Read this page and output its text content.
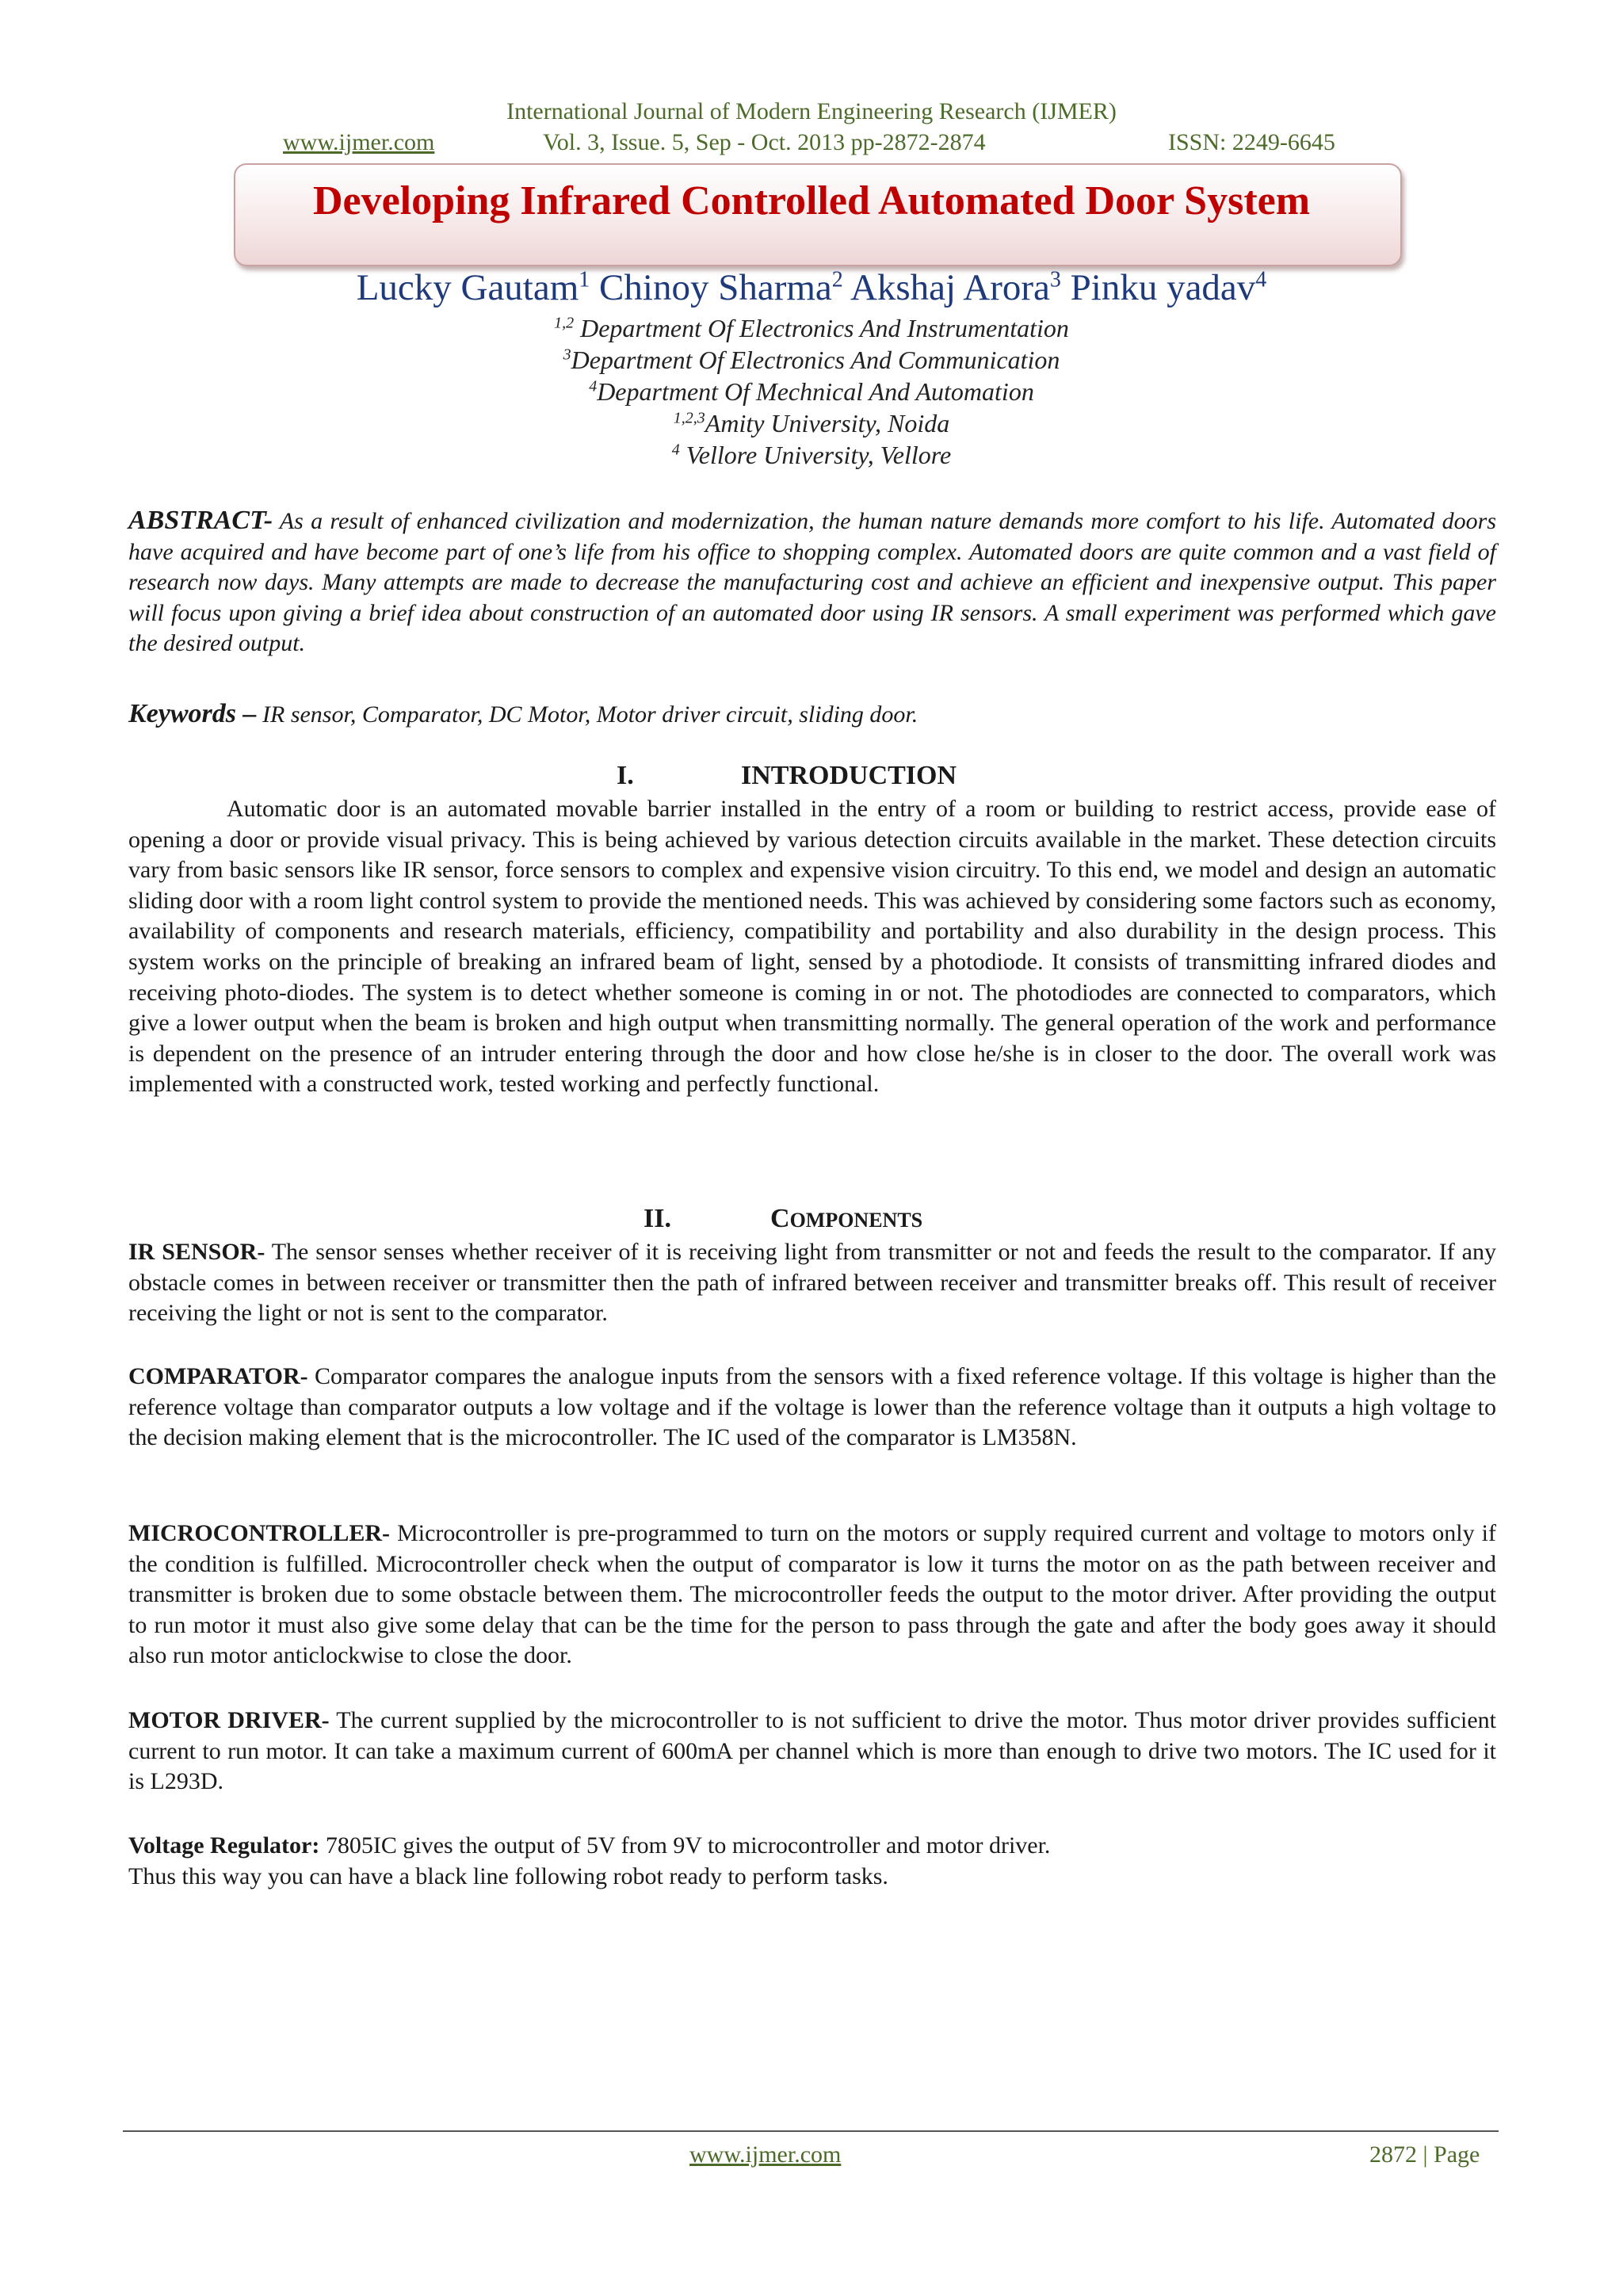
International Journal of Modern Engineering Research (IJMER)
www.ijmer.com	Vol. 3, Issue. 5, Sep - Oct. 2013 pp-2872-2874	ISSN: 2249-6645
Developing Infrared Controlled Automated Door System
Lucky Gautam$^1$ Chinoy Sharma$^2$ Akshaj Arora$^3$ Pinku yadav$^4$
$^{1,2}$ Department Of Electronics And Instrumentation
$^3$Department Of Electronics And Communication
$^4$Department Of Mechnical And Automation
$^{1,2,3}$Amity University, Noida
$^4$ Vellore University, Vellore
ABSTRACT- As a result of enhanced civilization and modernization, the human nature demands more comfort to his life. Automated doors have acquired and have become part of one’s life from his office to shopping complex. Automated doors are quite common and a vast field of research now days. Many attempts are made to decrease the manufacturing cost and achieve an efficient and inexpensive output. This paper will focus upon giving a brief idea about construction of an automated door using IR sensors. A small experiment was performed which gave the desired output.
Keywords – IR sensor, Comparator, DC Motor, Motor driver circuit, sliding door.
I.	INTRODUCTION
Automatic door is an automated movable barrier installed in the entry of a room or building to restrict access, provide ease of opening a door or provide visual privacy. This is being achieved by various detection circuits available in the market. These detection circuits vary from basic sensors like IR sensor, force sensors to complex and expensive vision circuitry. To this end, we model and design an automatic sliding door with a room light control system to provide the mentioned needs. This was achieved by considering some factors such as economy, availability of components and research materials, efficiency, compatibility and portability and also durability in the design process. This system works on the principle of breaking an infrared beam of light, sensed by a photodiode. It consists of transmitting infrared diodes and receiving photo-diodes. The system is to detect whether someone is coming in or not. The photodiodes are connected to comparators, which give a lower output when the beam is broken and high output when transmitting normally. The general operation of the work and performance is dependent on the presence of an intruder entering through the door and how close he/she is in closer to the door. The overall work was implemented with a constructed work, tested working and perfectly functional.
II.	COMPONENTS
IR SENSOR- The sensor senses whether receiver of it is receiving light from transmitter or not and feeds the result to the comparator. If any obstacle comes in between receiver or transmitter then the path of infrared between receiver and transmitter breaks off. This result of receiver receiving the light or not is sent to the comparator.
COMPARATOR- Comparator compares the analogue inputs from the sensors with a fixed reference voltage. If this voltage is higher than the reference voltage than comparator outputs a low voltage and if the voltage is lower than the reference voltage than it outputs a high voltage to the decision making element that is the microcontroller. The IC used of the comparator is LM358N.
MICROCONTROLLER- Microcontroller is pre-programmed to turn on the motors or supply required current and voltage to motors only if the condition is fulfilled. Microcontroller check when the output of comparator is low it turns the motor on as the path between receiver and transmitter is broken due to some obstacle between them. The microcontroller feeds the output to the motor driver. After providing the output to run motor it must also give some delay that can be the time for the person to pass through the gate and after the body goes away it should also run motor anticlockwise to close the door.
MOTOR DRIVER- The current supplied by the microcontroller to is not sufficient to drive the motor. Thus motor driver provides sufficient current to run motor. It can take a maximum current of 600mA per channel which is more than enough to drive two motors. The IC used for it is L293D.
Voltage Regulator: 7805IC gives the output of 5V from 9V to microcontroller and motor driver.
Thus this way you can have a black line following robot ready to perform tasks.
www.ijmer.com	2872 | Page
